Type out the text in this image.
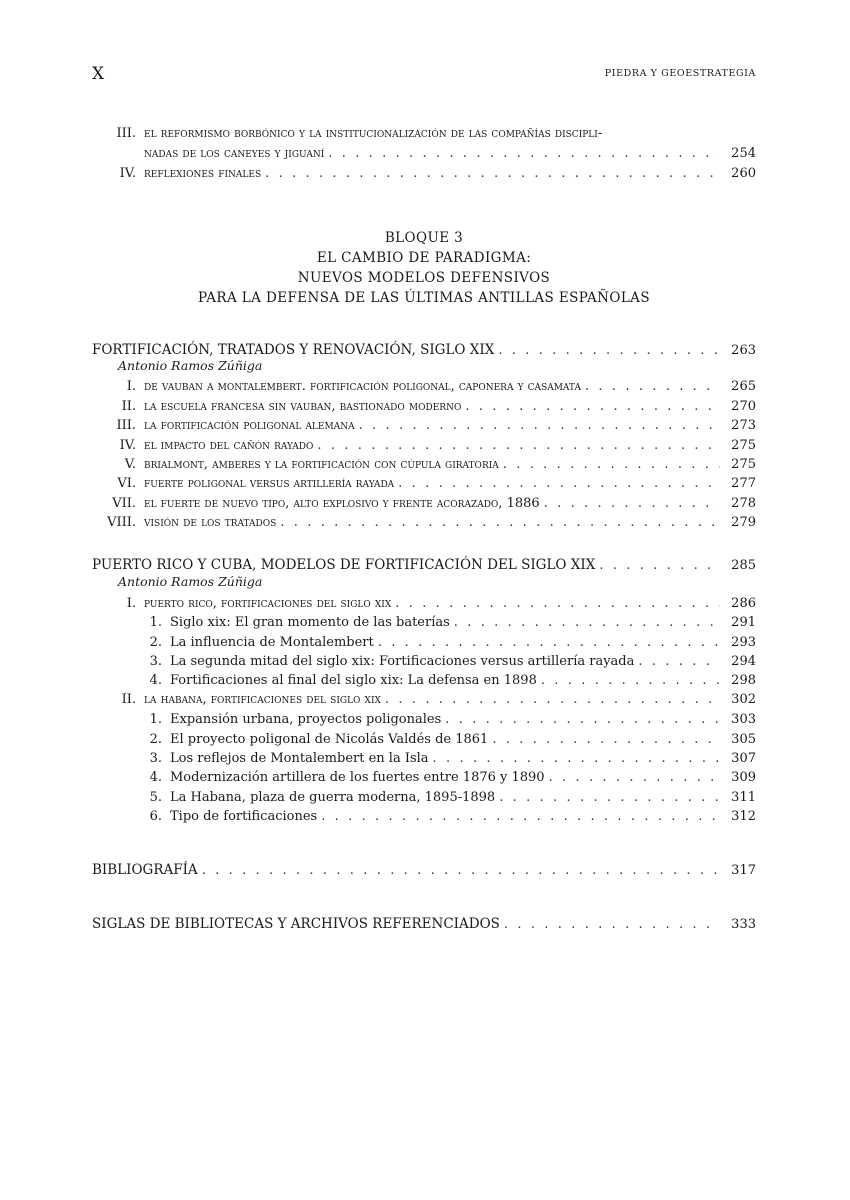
X	PIEDRA Y GEOESTRATEGIA
III. el reformismo borbónico y la institucionalización de las compañías discipli-
nadas de los caneyes y jiguaní . . .	254
IV. reflexiones finales . . .	260
BLOQUE 3
EL CAMBIO DE PARADIGMA:
NUEVOS MODELOS DEFENSIVOS
PARA LA DEFENSA DE LAS ÚLTIMAS ANTILLAS ESPAÑOLAS
FORTIFICACIÓN, TRATADOS Y RENOVACIÓN, SIGLO XIX . . .	263
Antonio Ramos Zúñiga
I. de vauban a montalembert. fortificación poligonal, caponera y casamata . . .	265
II. la escuela francesa sin vauban, bastionado moderno . . .	270
III. la fortificación poligonal alemana . . .	273
IV. el impacto del cañón rayado . . .	275
V. brialmont, amberes y la fortificación con cúpula giratoria . . .	275
VI. fuerte poligonal versus artillería rayada . . .	277
VII. el fuerte de nuevo tipo, alto explosivo y frente acorazado, 1886 . . .	278
VIII. visión de los tratados . . .	279
PUERTO RICO Y CUBA, MODELOS DE FORTIFICACIÓN DEL SIGLO XIX . . .	285
Antonio Ramos Zúñiga
I. puerto rico, fortificaciones del siglo xix . . .	286
1. Siglo xix: El gran momento de las baterías . . .	291
2. La influencia de Montalembert . . .	293
3. La segunda mitad del siglo xix: Fortificaciones versus artillería rayada . . .	294
4. Fortificaciones al final del siglo xix: La defensa en 1898 . . .	298
II. la habana, fortificaciones del siglo xix . . .	302
1. Expansión urbana, proyectos poligonales . . .	303
2. El proyecto poligonal de Nicolás Valdés de 1861 . . .	305
3. Los reflejos de Montalembert en la Isla . . .	307
4. Modernización artillera de los fuertes entre 1876 y 1890 . . .	309
5. La Habana, plaza de guerra moderna, 1895-1898 . . .	311
6. Tipo de fortificaciones . . .	312
BIBLIOGRAFÍA . . .	317
SIGLAS DE BIBLIOTECAS Y ARCHIVOS REFERENCIADOS . . .	333
